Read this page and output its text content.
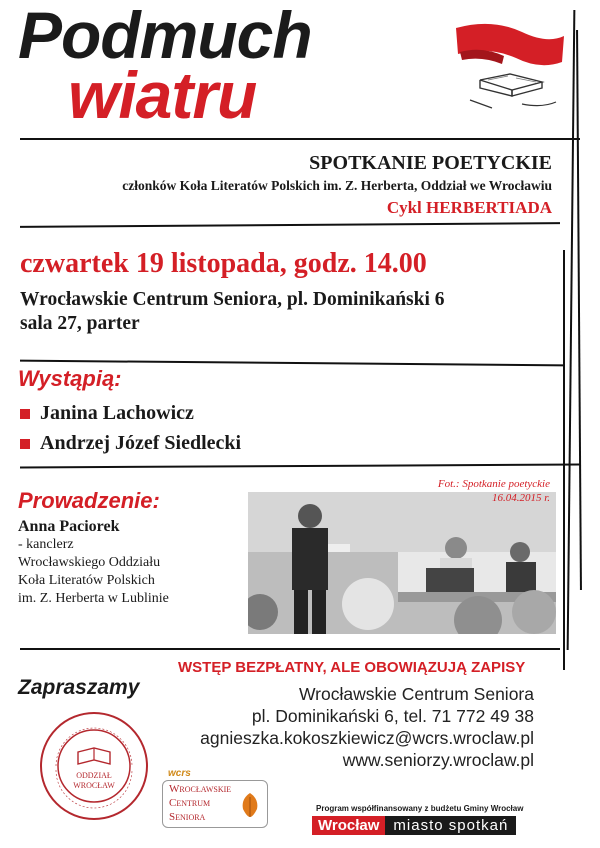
Podmuch
wiatru
SPOTKANIE POETYCKIE
członków Koła Literatów Polskich im. Z. Herberta, Oddział we Wrocławiu
Cykl HERBERTIADA
czwartek 19 listopada, godz. 14.00
Wrocławskie Centrum Seniora, pl. Dominikański 6
sala 27, parter
Wystąpią:
Janina Lachowicz
Andrzej Józef Siedlecki
Prowadzenie:
Anna Paciorek
- kanclerz
Wrocławskiego Oddziału
Koła Literatów Polskich
im. Z. Herberta w Lublinie
Fot.: Spotkanie poetyckie
16.04.2015 r.
WSTĘP BEZPŁATNY, ALE OBOWIĄZUJĄ ZAPISY
Zapraszamy	Wrocławskie Centrum Seniora
pl. Dominikański 6, tel. 71 772 49 38
agnieszka.kokoszkiewicz@wcrs.wroclaw.pl
www.seniorzy.wroclaw.pl
ODDZIAŁ
WROCŁAW
wcrs
Wrocławskie
Centrum
Seniora
Program współfinansowany z budżetu Gminy Wrocław
Wrocław miasto spotkań
